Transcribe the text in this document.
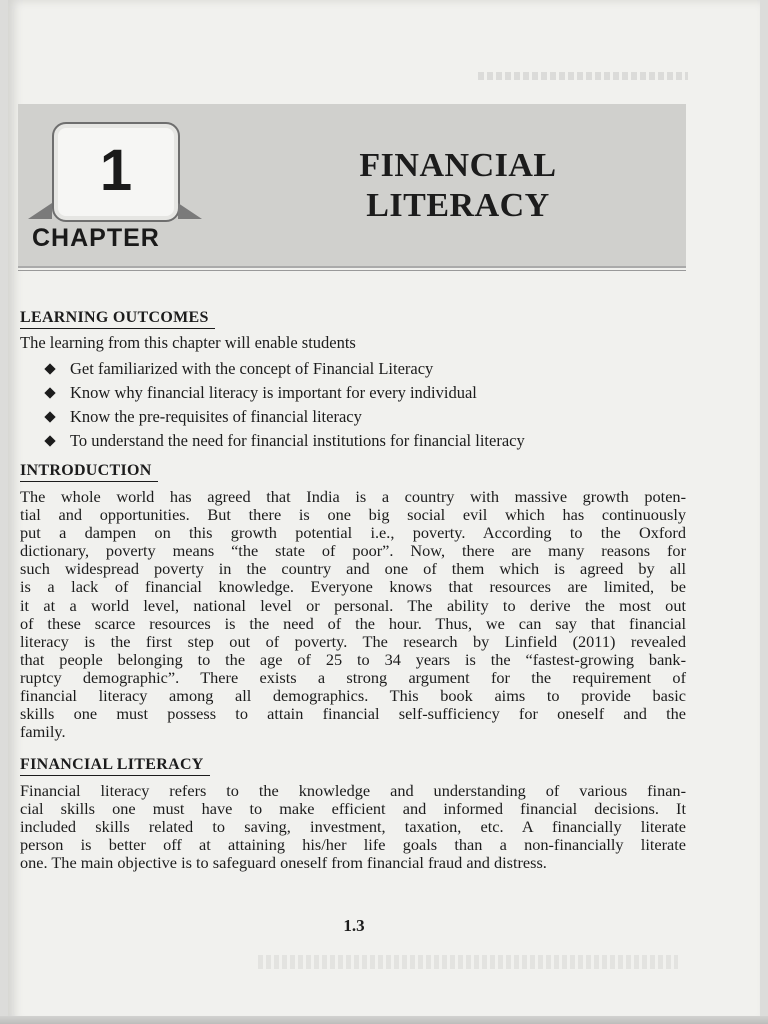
1
CHAPTER
FINANCIAL
LITERACY
LEARNING OUTCOMES
The learning from this chapter will enable students
Get familiarized with the concept of Financial Literacy
Know why financial literacy is important for every individual
Know the pre-requisites of financial literacy
To understand the need for financial institutions for financial literacy
INTRODUCTION
The whole world has agreed that India is a country with massive growth poten-
tial and opportunities. But there is one big social evil which has continuously
put a dampen on this growth potential i.e., poverty. According to the Oxford
dictionary, poverty means “the state of poor”. Now, there are many reasons for
such widespread poverty in the country and one of them which is agreed by all
is a lack of financial knowledge. Everyone knows that resources are limited, be
it at a world level, national level or personal. The ability to derive the most out
of these scarce resources is the need of the hour. Thus, we can say that financial
literacy is the first step out of poverty. The research by Linfield (2011) revealed
that people belonging to the age of 25 to 34 years is the “fastest-growing bank-
ruptcy demographic”. There exists a strong argument for the requirement of
financial literacy among all demographics. This book aims to provide basic
skills one must possess to attain financial self-sufficiency for oneself and the
family.
FINANCIAL LITERACY
Financial literacy refers to the knowledge and understanding of various finan-
cial skills one must have to make efficient and informed financial decisions. It
included skills related to saving, investment, taxation, etc. A financially literate
person is better off at attaining his/her life goals than a non-financially literate
one. The main objective is to safeguard oneself from financial fraud and distress.
1.3
